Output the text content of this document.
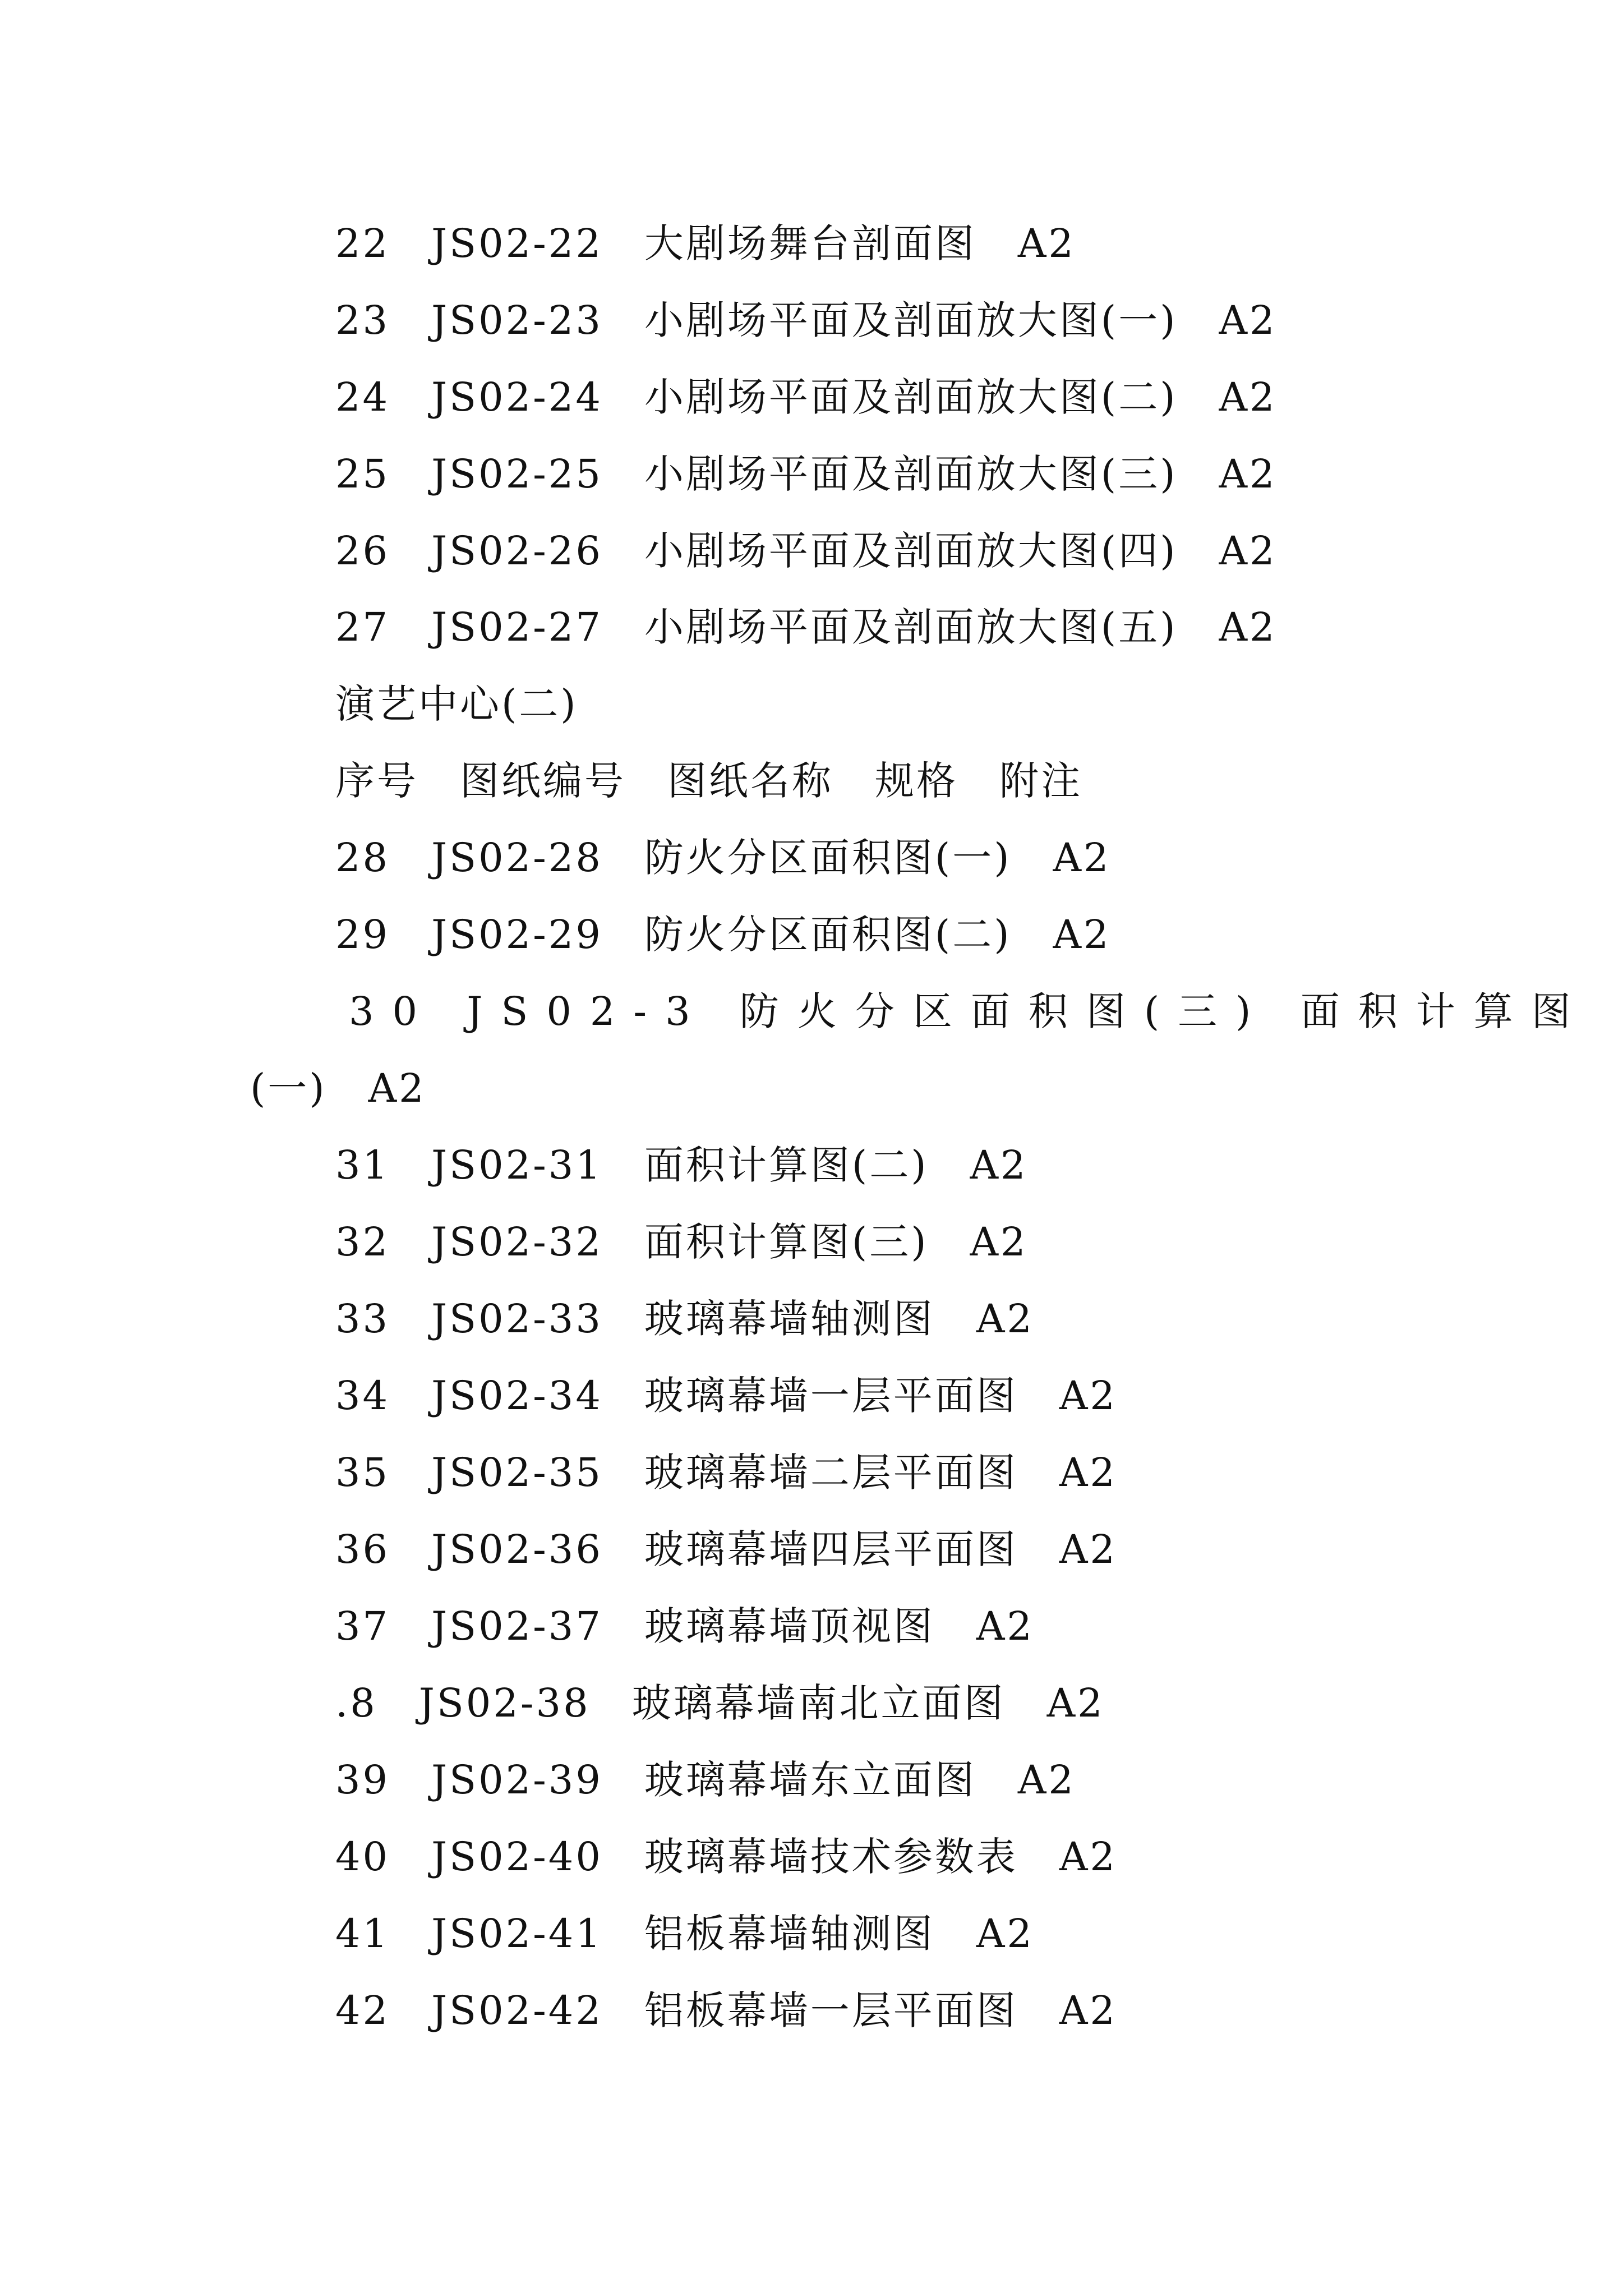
22　JS02-22　大剧场舞台剖面图　A2
23　JS02-23　小剧场平面及剖面放大图(一)　A2
24　JS02-24　小剧场平面及剖面放大图(二)　A2
25　JS02-25　小剧场平面及剖面放大图(三)　A2
26　JS02-26　小剧场平面及剖面放大图(四)　A2
27　JS02-27　小剧场平面及剖面放大图(五)　A2
演艺中心(二)
序号　图纸编号　图纸名称　规格　附注
28　JS02-28　防火分区面积图(一)　A2
29　JS02-29　防火分区面积图(二)　A2
30 JS02-3 防火分区面积图(三) 面积计算图
(一)　A2
31　JS02-31　面积计算图(二)　A2
32　JS02-32　面积计算图(三)　A2
33　JS02-33　玻璃幕墙轴测图　A2
34　JS02-34　玻璃幕墙一层平面图　A2
35　JS02-35　玻璃幕墙二层平面图　A2
36　JS02-36　玻璃幕墙四层平面图　A2
37　JS02-37　玻璃幕墙顶视图　A2
.8　JS02-38　玻璃幕墙南北立面图　A2
39　JS02-39　玻璃幕墙东立面图　A2
40　JS02-40　玻璃幕墙技术参数表　A2
41　JS02-41　铝板幕墙轴测图　A2
42　JS02-42　铝板幕墙一层平面图　A2
